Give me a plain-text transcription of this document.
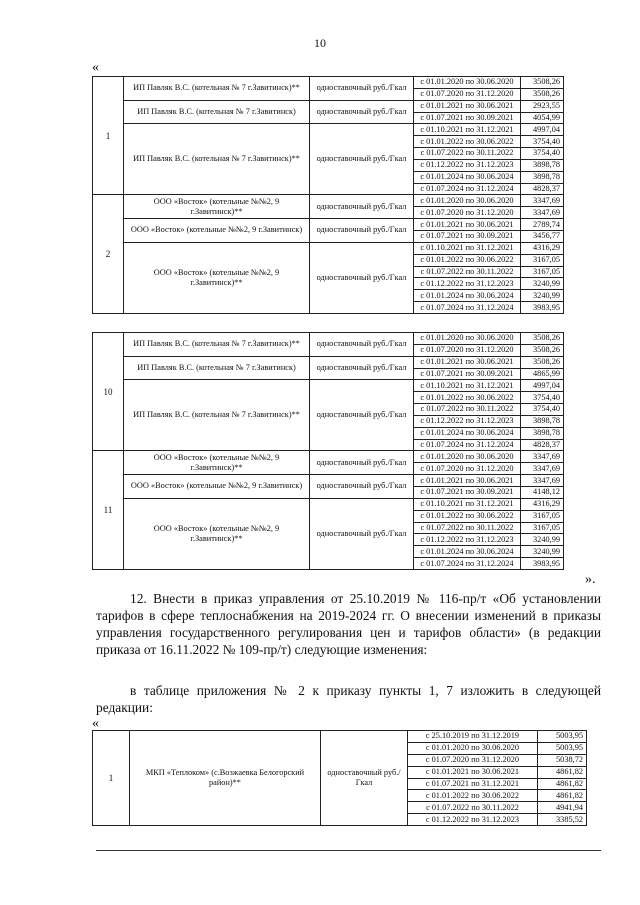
10
«
1	ИП Павляк В.С. (котельная № 7 г.Завитинск)**	одноставочный руб./Гкал	с 01.01.2020 по 30.06.2020	3508,26
			с 01.07.2020 по 31.12.2020	3508,26
	ИП Павляк В.С. (котельная № 7 г.Завитинск)	одноставочный руб./Гкал	с 01.01.2021 по 30.06.2021	2923,55
			с 01.07.2021 по 30.09.2021	4054,99
	ИП Павляк В.С. (котельная № 7 г.Завитинск)**	одноставочный руб./Гкал	с 01.10.2021 по 31.12.2021	4997,04
			с 01.01.2022 по 30.06.2022	3754,40
			с 01.07.2022 по 30.11.2022	3754,40
			с 01.12.2022 по 31.12.2023	3898,78
			с 01.01.2024 по 30.06.2024	3898,78
			с 01.07.2024 по 31.12.2024	4828,37
2	ООО «Восток» (котельные №№2, 9 г.Завитинск)**	одноставочный руб./Гкал	с 01.01.2020 по 30.06.2020	3347,69
			с 01.07.2020 по 31.12.2020	3347,69
	ООО «Восток» (котельные №№2, 9 г.Завитинск)	одноставочный руб./Гкал	с 01.01.2021 по 30.06.2021	2789,74
			с 01.07.2021 по 30.09.2021	3456,77
	ООО «Восток» (котельные №№2, 9 г.Завитинск)**	одноставочный руб./Гкал	с 01.10.2021 по 31.12.2021	4316,29
			с 01.01.2022 по 30.06.2022	3167,05
			с 01.07.2022 по 30.11.2022	3167,05
			с 01.12.2022 по 31.12.2023	3240,99
			с 01.01.2024 по 30.06.2024	3240,99
			с 01.07.2024 по 31.12.2024	3983,95
10	ИП Павляк В.С. (котельная № 7 г.Завитинск)**	одноставочный руб./Гкал	с 01.01.2020 по 30.06.2020	3508,26
			с 01.07.2020 по 31.12.2020	3508,26
	ИП Павляк В.С. (котельная № 7 г.Завитинск)	одноставочный руб./Гкал	с 01.01.2021 по 30.06.2021	3508,26
			с 01.07.2021 по 30.09.2021	4865,99
	ИП Павляк В.С. (котельная № 7 г.Завитинск)**	одноставочный руб./Гкал	с 01.10.2021 по 31.12.2021	4997,04
			с 01.01.2022 по 30.06.2022	3754,40
			с 01.07.2022 по 30.11.2022	3754,40
			с 01.12.2022 по 31.12.2023	3898,78
			с 01.01.2024 по 30.06.2024	3898,78
			с 01.07.2024 по 31.12.2024	4828,37
11	ООО «Восток» (котельные №№2, 9 г.Завитинск)**	одноставочный руб./Гкал	с 01.01.2020 по 30.06.2020	3347,69
			с 01.07.2020 по 31.12.2020	3347,69
	ООО «Восток» (котельные №№2, 9 г.Завитинск)	одноставочный руб./Гкал	с 01.01.2021 по 30.06.2021	3347,69
			с 01.07.2021 по 30.09.2021	4148,12
	ООО «Восток» (котельные №№2, 9 г.Завитинск)**	одноставочный руб./Гкал	с 01.10.2021 по 31.12.2021	4316,29
			с 01.01.2022 по 30.06.2022	3167,05
			с 01.07.2022 по 30.11.2022	3167,05
			с 01.12.2022 по 31.12.2023	3240,99
			с 01.01.2024 по 30.06.2024	3240,99
			с 01.07.2024 по 31.12.2024	3983,95
».

12. Внести в приказ управления от 25.10.2019 № 116-пр/т «Об установлении тарифов в сфере теплоснабжения на 2019-2024 гг. О внесении изменений в приказы управления государственного регулирования цен и тарифов области» (в редакции приказа от 16.11.2022 № 109-пр/т) следующие изменения:

в таблице приложения № 2 к приказу пункты 1, 7 изложить в следующей редакции:

«
1	МКП «Теплоком» (с.Возжаевка Белогорский район)**	одноставочный руб./Гкал	с 25.10.2019 по 31.12.2019	5003,95
			с 01.01.2020 по 30.06.2020	5003,95
			с 01.07.2020 по 31.12.2020	5038,72
			с 01.01.2021 по 30.06.2021	4861,82
			с 01.07.2021 по 31.12.2021	4861,82
			с 01.01.2022 по 30.06.2022	4861,82
			с 01.07.2022 по 30.11.2022	4941,94
			с 01.12.2022 по 31.12.2023	3385,52
